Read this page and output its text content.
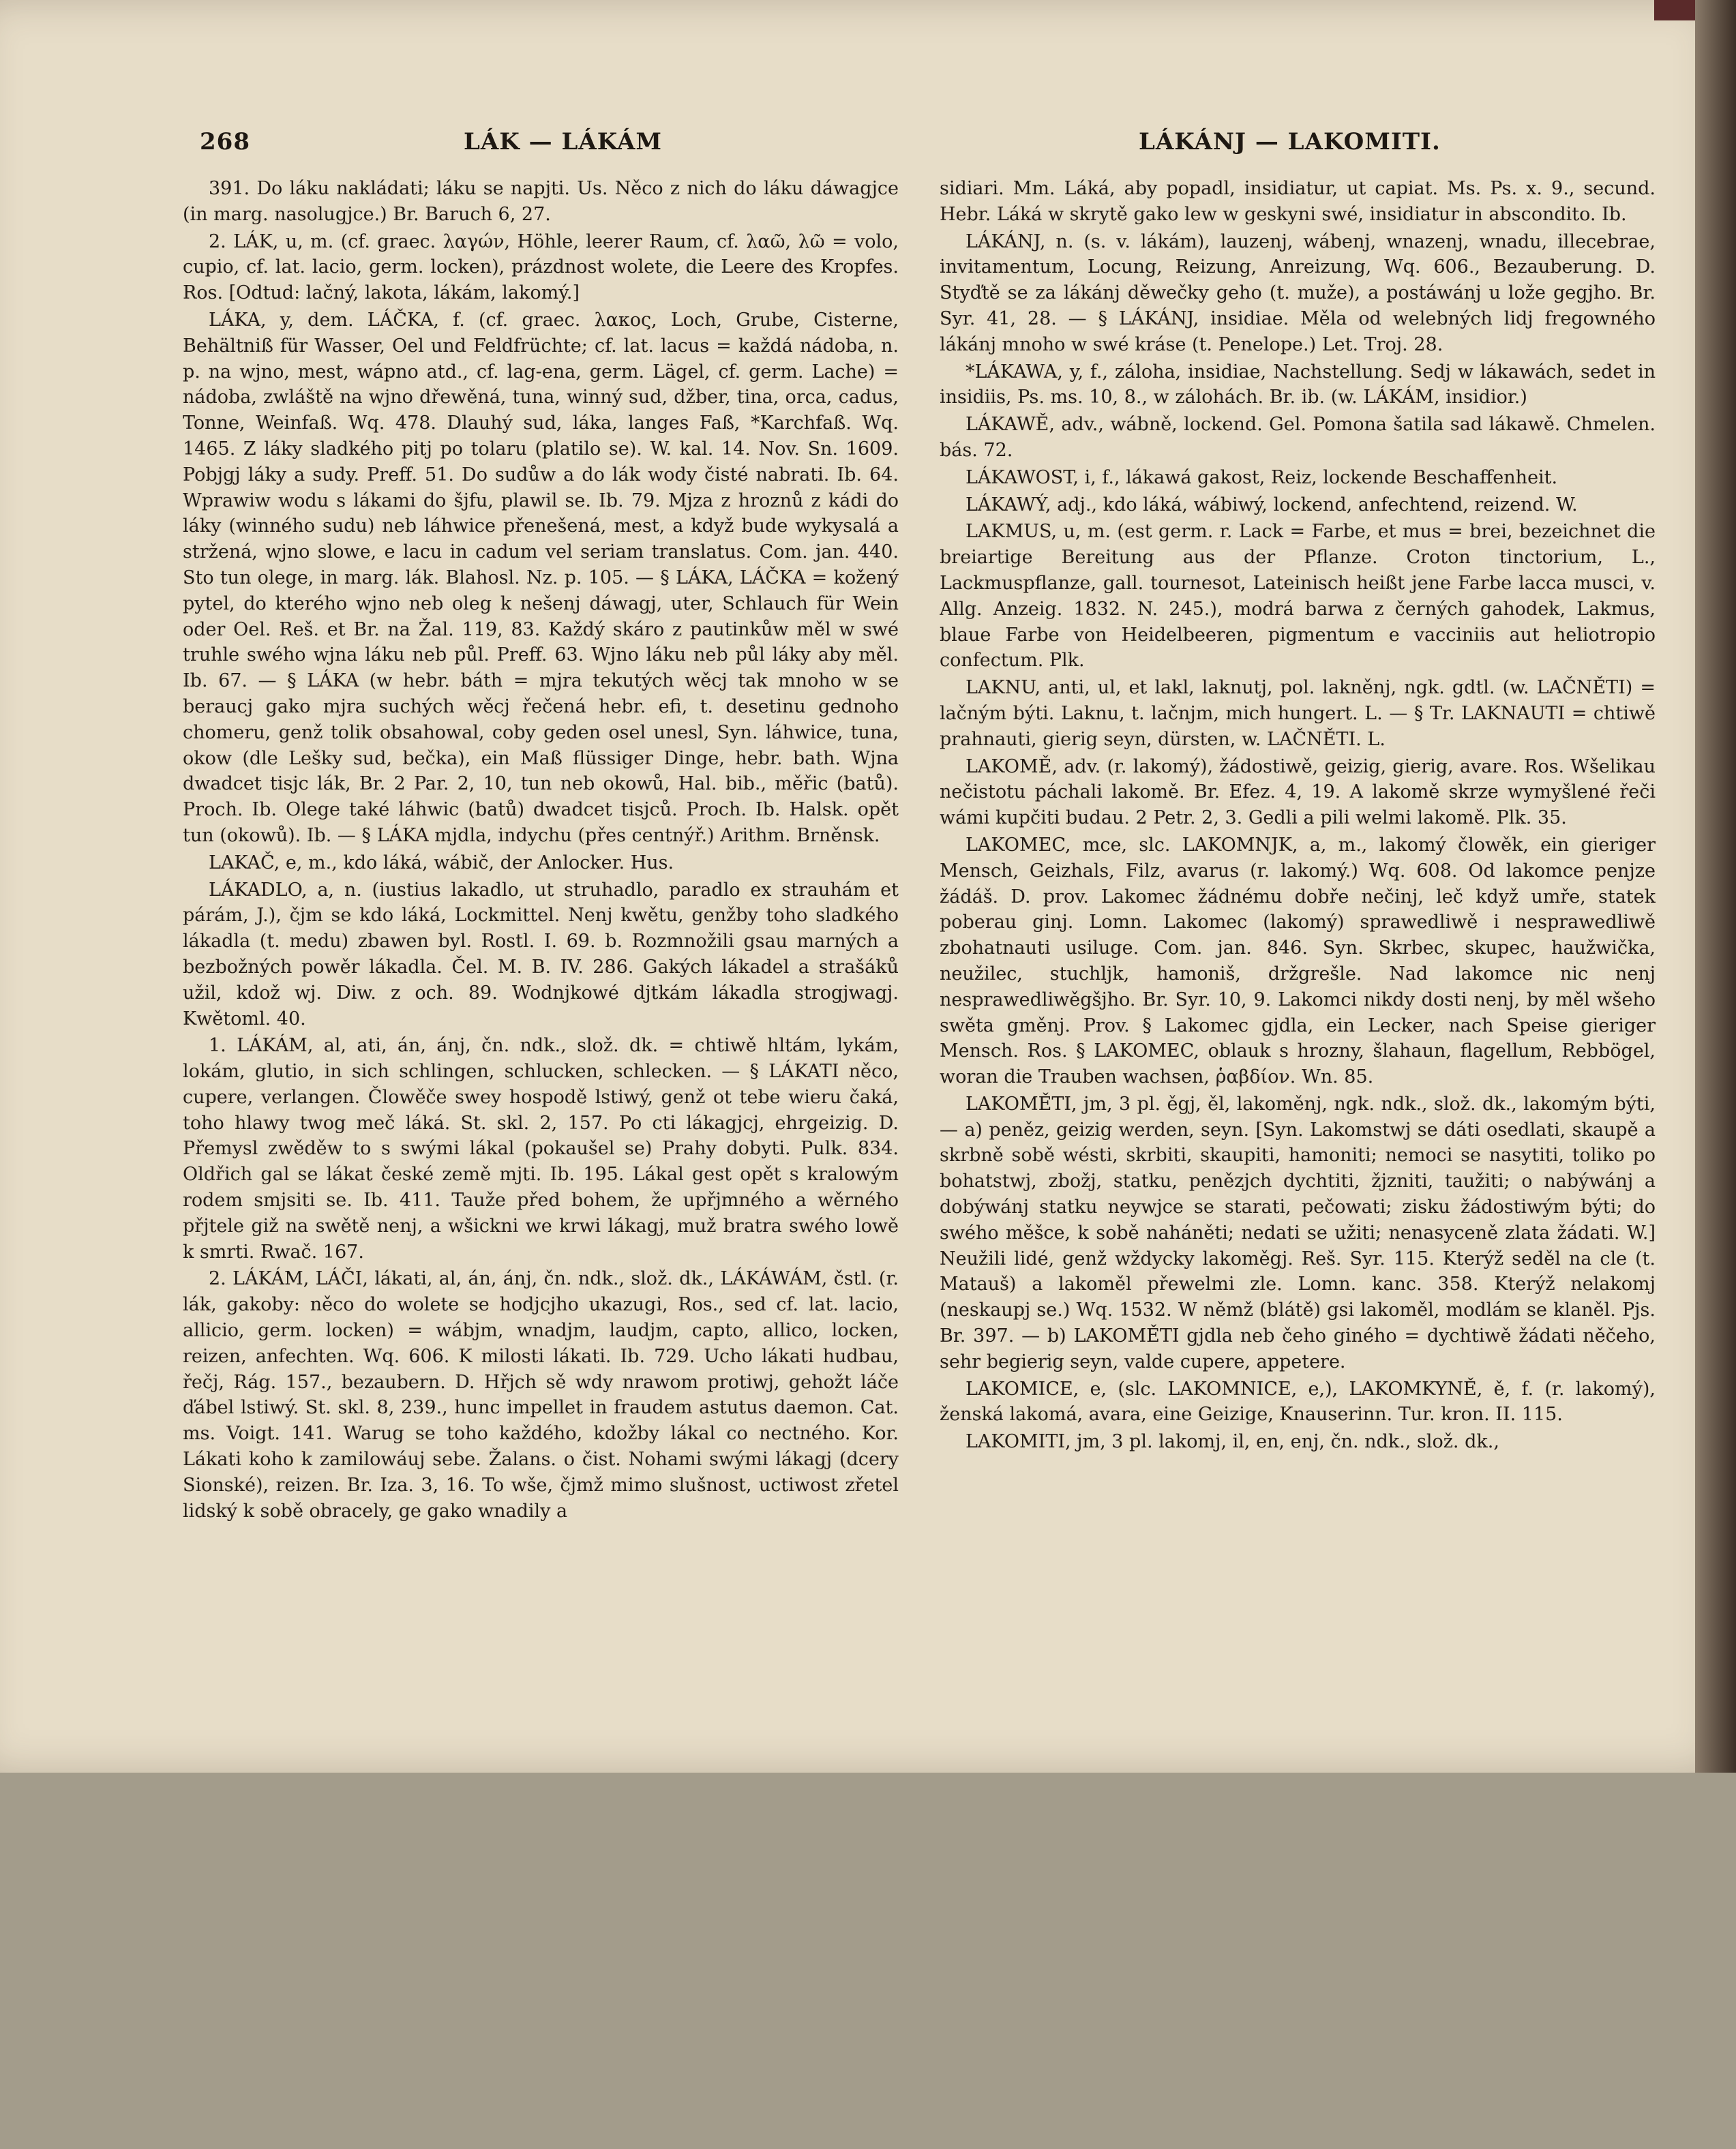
268	LÁK — LÁKÁM	LÁKÁNJ — LAKOMITI.

391. Do láku nakládati; láku se napjti. Us. Něco z nich do láku dáwagjce (in marg. nasolugjce.) Br. Baruch 6, 27.

2. LÁK, u, m. (cf. graec. λαγών, Höhle, leerer Raum, cf. λαῶ, λῶ = volo, cupio, cf. lat. lacio, germ. locken), prázdnost wolete, die Leere des Kropfes. Ros. [Odtud: lačný, lakota, lákám, lakomý.]

LÁKA, y, dem. LÁČKA, f. (cf. graec. λακος, Loch, Grube, Cisterne, Behältniß für Wasser, Oel und Feldfrüchte; cf. lat. lacus = každá nádoba, n. p. na wjno, mest, wápno atd., cf. lag-ena, germ. Lägel, cf. germ. Lache) = nádoba, zwláště na wjno dřewěná, tuna, winný sud, džber, tina, orca, cadus, Tonne, Weinfaß. Wq. 478. Dlauhý sud, láka, langes Faß, *Karchfaß. Wq. 1465. Z láky sladkého pitj po tolaru (platilo se). W. kal. 14. Nov. Sn. 1609. Pobjgj láky a sudy. Preff. 51. Do sudůw a do lák wody čisté nabrati. Ib. 64. Wprawiw wodu s lákami do šjfu, plawil se. Ib. 79. Mjza z hroznů z kádi do láky (winného sudu) neb láhwice přenešená, mest, a když bude wykysalá a stržená, wjno slowe, e lacu in cadum vel seriam translatus. Com. jan. 440. Sto tun olege, in marg. lák. Blahosl. Nz. p. 105. — § LÁKA, LÁČKA = kožený pytel, do kterého wjno neb oleg k nešenj dáwagj, uter, Schlauch für Wein oder Oel. Reš. et Br. na Žal. 119, 83. Každý skáro z pautinkůw měl w swé truhle swého wjna láku neb půl. Preff. 63. Wjno láku neb půl láky aby měl. Ib. 67. — § LÁKA (w hebr. báth = mjra tekutých wěcj tak mnoho w se beraucj gako mjra suchých wěcj řečená hebr. efi, t. desetinu gednoho chomeru, genž tolik obsahowal, coby geden osel unesl, Syn. láhwice, tuna, okow (dle Lešky sud, bečka), ein Maß flüssiger Dinge, hebr. bath. Wjna dwadcet tisjc lák, Br. 2 Par. 2, 10, tun neb okowů, Hal. bib., měřic (batů). Proch. Ib. Olege také láhwic (batů) dwadcet tisjců. Proch. Ib. Halsk. opět tun (okowů). Ib. — § LÁKA mjdla, indychu (přes centnýř.) Arithm. Brněnsk.

LAKAČ, e, m., kdo láká, wábič, der Anlocker. Hus.

LÁKADLO, a, n. (iustius lakadlo, ut struhadlo, paradlo ex strauhám et párám, J.), čjm se kdo láká, Lockmittel. Nenj kwětu, genžby toho sladkého lákadla (t. medu) zbawen byl. Rostl. I. 69. b. Rozmnožili gsau marných a bezbožných powěr lákadla. Čel. M. B. IV. 286. Gakých lákadel a strašáků užil, kdož wj. Diw. z och. 89. Wodnjkowé djtkám lákadla strogjwagj. Kwětoml. 40.

1. LÁKÁM, al, ati, án, ánj, čn. ndk., slož. dk. = chtiwě hltám, lykám, lokám, glutio, in sich schlingen, schlucken, schlecken. — § LÁKATI něco, cupere, verlangen. Člowěče swey hospodě lstiwý, genž ot tebe wieru čaká, toho hlawy twog meč láká. St. skl. 2, 157. Po cti lákagjcj, ehrgeizig. D. Přemysl zwěděw to s swými lákal (pokaušel se) Prahy dobyti. Pulk. 834. Oldřich gal se lákat české země mjti. Ib. 195. Lákal gest opět s kralowým rodem smjsiti se. Ib. 411. Tauže před bohem, že upřjmného a wěrného přjtele giž na swětě nenj, a wšickni we krwi lákagj, muž bratra swého lowě k smrti. Rwač. 167.

2. LÁKÁM, LÁČI, lákati, al, án, ánj, čn. ndk., slož. dk., LÁKÁWÁM, čstl. (r. lák, gakoby: něco do wolete se hodjcjho ukazugi, Ros., sed cf. lat. lacio, allicio, germ. locken) = wábjm, wnadjm, laudjm, capto, allico, locken, reizen, anfechten. Wq. 606. K milosti lákati. Ib. 729. Ucho lákati hudbau, řečj, Rág. 157., bezaubern. D. Hřjch sě wdy nrawom protiwj, gehožt láče ďábel lstiwý. St. skl. 8, 239., hunc impellet in fraudem astutus daemon. Cat. ms. Voigt. 141. Warug se toho každého, kdožby lákal co nectného. Kor. Lákati koho k zamilowáuj sebe. Žalans. o čist. Nohami swými lákagj (dcery Sionské), reizen. Br. Iza. 3, 16. To wše, čjmž mimo slušnost, uctiwost zřetel lidský k sobě obracely, ge gako wnadily a

sidiari. Mm. Láká, aby popadl, insidiatur, ut capiat. Ms. Ps. x. 9., secund. Hebr. Láká w skrytě gako lew w geskyni swé, insidiatur in abscondito. Ib.

LÁKÁNJ, n. (s. v. lákám), lauzenj, wábenj, wnazenj, wnadu, illecebrae, invitamentum, Locung, Reizung, Anreizung, Wq. 606., Bezauberung. D. Styďtě se za lákánj děwečky geho (t. muže), a postáwánj u lože gegjho. Br. Syr. 41, 28. — § LÁKÁNJ, insidiae. Měla od welebných lidj fregowného lákánj mnoho w swé kráse (t. Penelope.) Let. Troj. 28.

*LÁKAWA, y, f., záloha, insidiae, Nachstellung. Sedj w lákawách, sedet in insidiis, Ps. ms. 10, 8., w zálohách. Br. ib. (w. LÁKÁM, insidior.)

LÁKAWĚ, adv., wábně, lockend. Gel. Pomona šatila sad lákawě. Chmelen. bás. 72.

LÁKAWOST, i, f., lákawá gakost, Reiz, lockende Beschaffenheit.

LÁKAWÝ, adj., kdo láká, wábiwý, lockend, anfechtend, reizend. W.

LAKMUS, u, m. (est germ. r. Lack = Farbe, et mus = brei, bezeichnet die breiartige Bereitung aus der Pflanze. Croton tinctorium, L., Lackmuspflanze, gall. tournesot, Lateinisch heißt jene Farbe lacca musci, v. Allg. Anzeig. 1832. N. 245.), modrá barwa z černých gahodek, Lakmus, blaue Farbe von Heidelbeeren, pigmentum e vacciniis aut heliotropio confectum. Plk.

LAKNU, anti, ul, et lakl, laknutj, pol. lakněnj, ngk. gdtl. (w. LAČNĚTI) = lačným býti. Laknu, t. lačnjm, mich hungert. L. — § Tr. LAKNAUTI = chtiwě prahnauti, gierig seyn, dürsten, w. LAČNĚTI. L.

LAKOMĚ, adv. (r. lakomý), žádostiwě, geizig, gierig, avare. Ros. Wšelikau nečistotu páchali lakomě. Br. Efez. 4, 19. A lakomě skrze wymyšlené řeči wámi kupčiti budau. 2 Petr. 2, 3. Gedli a pili welmi lakomě. Plk. 35.

LAKOMEC, mce, slc. LAKOMNJK, a, m., lakomý člowěk, ein gieriger Mensch, Geizhals, Filz, avarus (r. lakomý.) Wq. 608. Od lakomce penjze žádáš. D. prov. Lakomec žádnému dobře nečinj, leč když umře, statek poberau ginj. Lomn. Lakomec (lakomý) sprawedliwě i nesprawedliwě zbohatnauti usiluge. Com. jan. 846. Syn. Skrbec, skupec, haužwička, neužilec, stuchljk, hamoniš, držgrešle. Nad lakomce nic nenj nesprawedliwěgšjho. Br. Syr. 10, 9. Lakomci nikdy dosti nenj, by měl wšeho swěta gměnj. Prov. § Lakomec gjdla, ein Lecker, nach Speise gieriger Mensch. Ros. § LAKOMEC, oblauk s hrozny, šlahaun, flagellum, Rebbögel, woran die Trauben wachsen, ῥαβδίον. Wn. 85.

LAKOMĚTI, jm, 3 pl. ěgj, ěl, lakoměnj, ngk. ndk., slož. dk., lakomým býti, — a) peněz, geizig werden, seyn. [Syn. Lakomstwj se dáti osedlati, skaupě a skrbně sobě wésti, skrbiti, skaupiti, hamoniti; nemoci se nasytiti, toliko po bohatstwj, zbožj, statku, penězjch dychtiti, žjzniti, taužiti; o nabýwánj a dobýwánj statku neywjce se starati, pečowati; zisku žádostiwým býti; do swého měšce, k sobě naháněti; nedati se užiti; nenasyceně zlata žádati. W.] Neužili lidé, genž wždycky lakoměgj. Reš. Syr. 115. Kterýž seděl na cle (t. Matauš) a lakoměl přewelmi zle. Lomn. kanc. 358. Kterýž nelakomj (neskaupj se.) Wq. 1532. W němž (blátě) gsi lakoměl, modlám se klaněl. Pjs. Br. 397. — b) LAKOMĚTI gjdla neb čeho giného = dychtiwě žádati něčeho, sehr begierig seyn, valde cupere, appetere.

LAKOMICE, e, (slc. LAKOMNICE, e,), LAKOMKYNĚ, ě, f. (r. lakomý), ženská lakomá, avara, eine Geizige, Knauserinn. Tur. kron. II. 115.

LAKOMITI, jm, 3 pl. lakomj, il, en, enj, čn. ndk., slož. dk.,
